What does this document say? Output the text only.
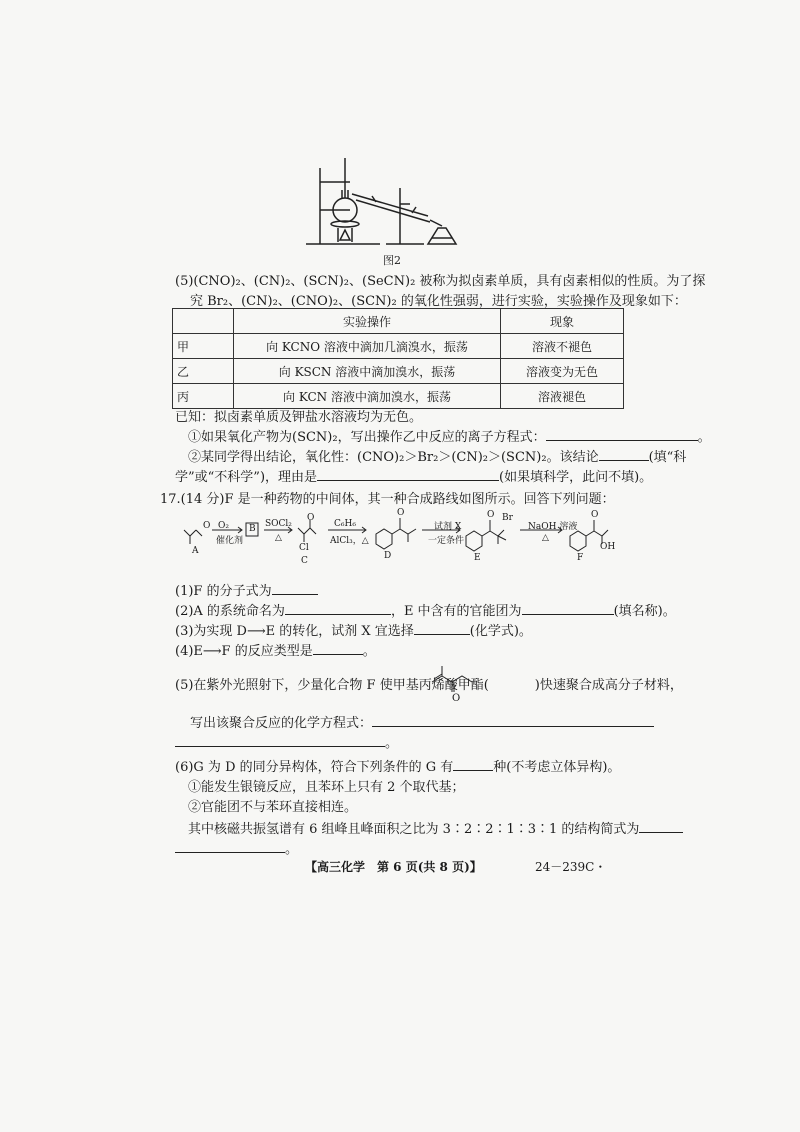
图2
(5)(CNO)₂、(CN)₂、(SCN)₂、(SeCN)₂ 被称为拟卤素单质，具有卤素相似的性质。为了探
究 Br₂、(CN)₂、(CNO)₂、(SCN)₂ 的氧化性强弱，进行实验，实验操作及现象如下：
	实验操作	现象
甲	向 KCNO 溶液中滴加几滴溴水，振荡	溶液不褪色
乙	向 KSCN 溶液中滴加溴水，振荡	溶液变为无色
丙	向 KCN 溶液中滴加溴水，振荡	溶液褪色
已知：拟卤素单质及钾盐水溶液均为无色。
①如果氧化产物为(SCN)₂，写出操作乙中反应的离子方程式：	。
②某同学得出结论，氧化性：(CNO)₂＞Br₂＞(CN)₂＞(SCN)₂。该结论	(填“科
学”或“不科学”)，理由是	(如果填科学，此问不填)。
17.(14 分)F 是一种药物的中间体，其一种合成路线如图所示。回答下列问题：
O
A
O₂
催化剂
B SOCl₂
△
O
Cl
C
C₆H₆
AlCl₃，△
O
D
试剂 X
一定条件
O Br
E
NaOH 溶液
△
O
OH
F
(1)F 的分子式为
(2)A 的系统命名为	，E 中含有的官能团为	(填名称)。
(3)为实现 D⟶E 的转化，试剂 X 宜选择	(化学式)。
(4)E⟶F 的反应类型是	。
(5)在紫外光照射下，少量化合物 F 使甲基丙烯酸甲酯(	)快速聚合成高分子材料，
O
写出该聚合反应的化学方程式：
。
(6)G 为 D 的同分异构体，符合下列条件的 G 有	种(不考虑立体异构)。
①能发生银镜反应，且苯环上只有 2 个取代基；
②官能团不与苯环直接相连。
其中核磁共振氢谱有 6 组峰且峰面积之比为 3∶2∶2∶1∶3∶1 的结构简式为
。
【高三化学　第 6 页(共 8 页)】	24－239C・
